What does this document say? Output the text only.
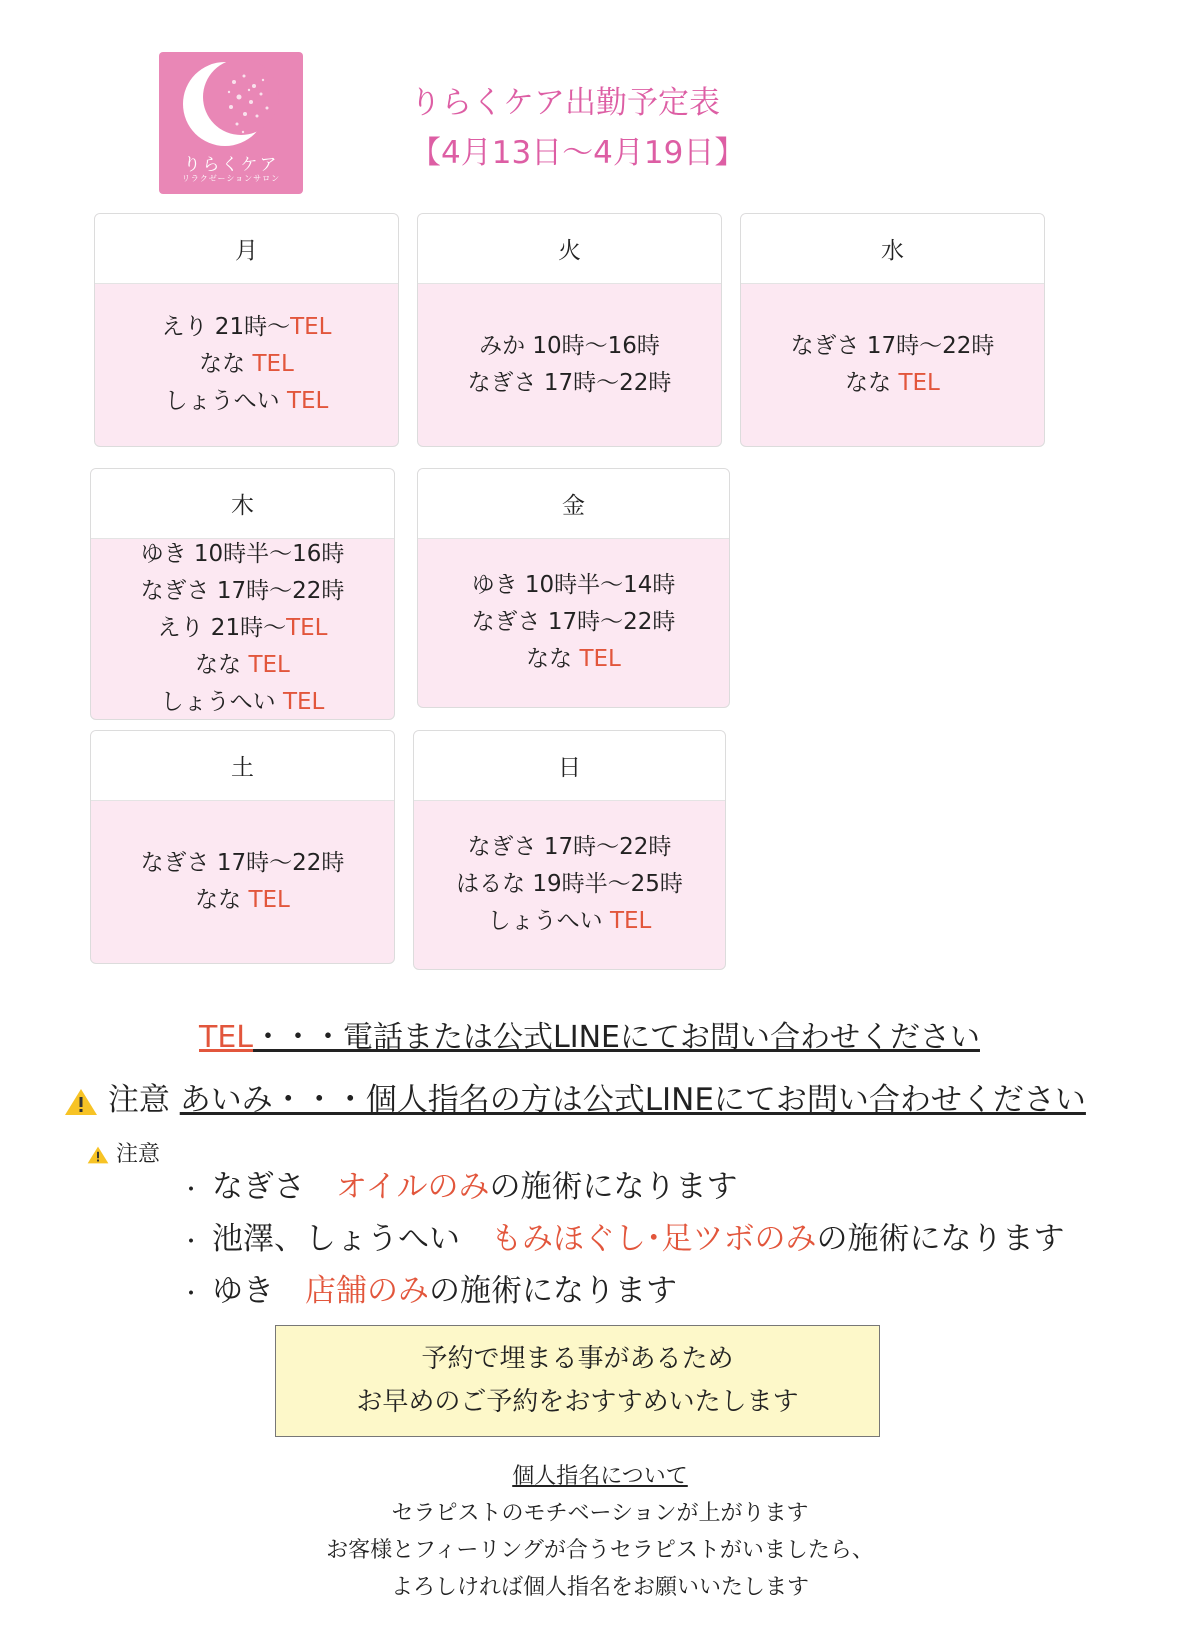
りらくケア
リラクゼーションサロン
りらくケア出勤予定表
【4月13日〜4月19日】
月
えり 21時〜TEL
なな TEL
しょうへい TEL
火
みか 10時〜16時
なぎさ 17時〜22時
水
なぎさ 17時〜22時
なな TEL
木
ゆき 10時半〜16時
なぎさ 17時〜22時
えり 21時〜TEL
なな TEL
しょうへい TEL
金
ゆき 10時半〜14時
なぎさ 17時〜22時
なな TEL
土
なぎさ 17時〜22時
なな TEL
日
なぎさ 17時〜22時
はるな 19時半〜25時
しょうへい TEL
TEL・・・電話または公式LINEにてお問い合わせください
注意 あいみ・・・個人指名の方は公式LINEにてお問い合わせください
注意
・ なぎさ　オイルのみの施術になります
・ 池澤、しょうへい　もみほぐし･足ツボのみの施術になります
・ ゆき　店舗のみの施術になります
予約で埋まる事があるため
お早めのご予約をおすすめいたします
個人指名について
セラピストのモチベーションが上がります
お客様とフィーリングが合うセラピストがいましたら、
よろしければ個人指名をお願いいたします
